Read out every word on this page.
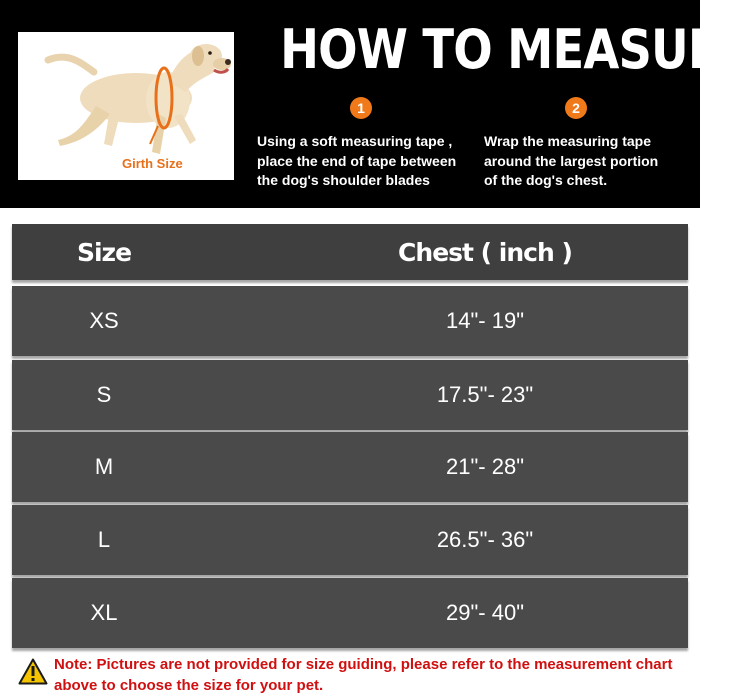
Girth Size
HOW TO MEASURE
1
Using a soft measuring tape ,
place the end of tape between
the dog's shoulder blades
2
Wrap the measuring tape
around the largest portion
of the dog's chest.
Size	Chest ( inch )
XS	14"- 19"
S	17.5"- 23"
M	21"- 28"
L	26.5"- 36"
XL	29"- 40"
Note: Pictures are not provided for size guiding, please refer to the measurement chart above to choose the size for your pet.
